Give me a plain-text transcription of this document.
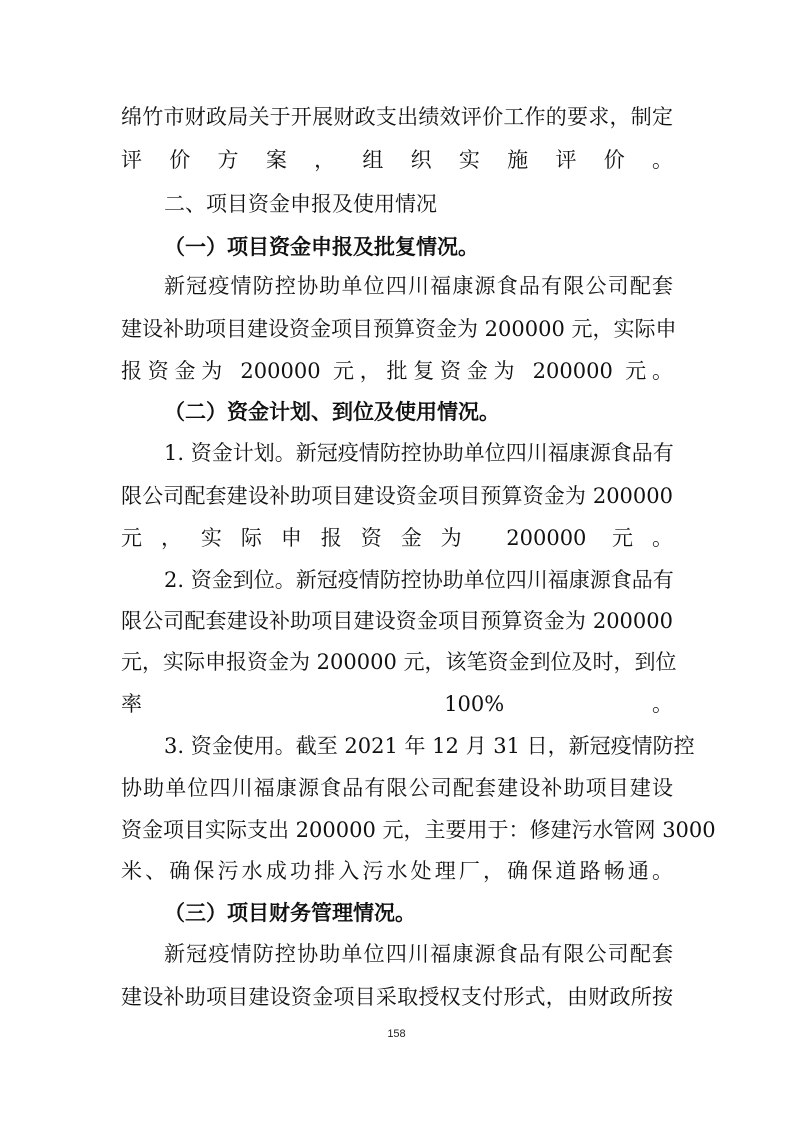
绵竹市财政局关于开展财政支出绩效评价工作的要求，制定
评价方案，组织实施评价。
二、项目资金申报及使用情况
（一）项目资金申报及批复情况。
新冠疫情防控协助单位四川福康源食品有限公司配套
建设补助项目建设资金项目预算资金为 200000 元，实际申
报资金为 200000 元，批复资金为 200000 元。
（二）资金计划、到位及使用情况。
1. 资金计划。新冠疫情防控协助单位四川福康源食品有
限公司配套建设补助项目建设资金项目预算资金为 200000
元，实际申报资金为 200000 元。
2. 资金到位。新冠疫情防控协助单位四川福康源食品有
限公司配套建设补助项目建设资金项目预算资金为 200000
元，实际申报资金为 200000 元，该笔资金到位及时，到位
率 100%。
3. 资金使用。截至 2021 年 12 月 31 日，新冠疫情防控
协助单位四川福康源食品有限公司配套建设补助项目建设
资金项目实际支出 200000 元，主要用于：修建污水管网 3000
米、确保污水成功排入污水处理厂，确保道路畅通。
（三）项目财务管理情况。
新冠疫情防控协助单位四川福康源食品有限公司配套
建设补助项目建设资金项目采取授权支付形式，由财政所按
158
